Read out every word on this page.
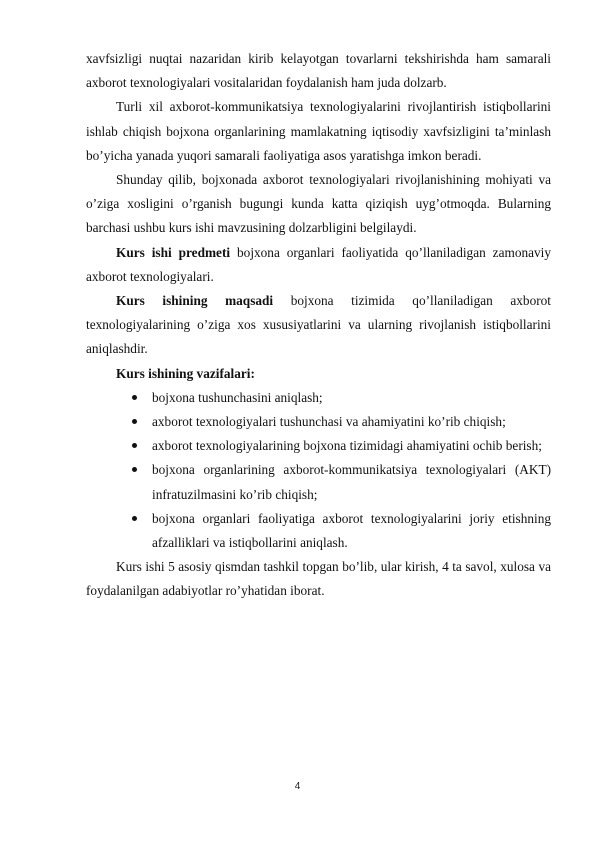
xavfsizligi nuqtai nazaridan kirib kelayotgan tovarlarni tekshirishda ham samarali axborot texnologiyalari vositalaridan foydalanish ham juda dolzarb.

Turli xil axborot-kommunikatsiya texnologiyalarini rivojlantirish istiqbollarini ishlab chiqish bojxona organlarining mamlakatning iqtisodiy xavfsizligini ta’minlash bo’yicha yanada yuqori samarali faoliyatiga asos yaratishga imkon beradi.

Shunday qilib, bojxonada axborot texnologiyalari rivojlanishining mohiyati va o’ziga xosligini o’rganish bugungi kunda katta qiziqish uyg’otmoqda. Bularning barchasi ushbu kurs ishi mavzusining dolzarbligini belgilaydi.

Kurs ishi predmeti bojxona organlari faoliyatida qo’llaniladigan zamonaviy axborot texnologiyalari.

Kurs ishining maqsadi bojxona tizimida qo’llaniladigan axborot texnologiyalarining o’ziga xos xususiyatlarini va ularning rivojlanish istiqbollarini aniqlashdir.

Kurs ishining vazifalari:

bojxona tushunchasini aniqlash;
axborot texnologiyalari tushunchasi va ahamiyatini ko’rib chiqish;
axborot texnologiyalarining bojxona tizimidagi ahamiyatini ochib berish;
bojxona organlarining axborot-kommunikatsiya texnologiyalari (AKT) infratuzilmasini ko’rib chiqish;
bojxona organlari faoliyatiga axborot texnologiyalarini joriy etishning afzalliklari va istiqbollarini aniqlash.

Kurs ishi 5 asosiy qismdan tashkil topgan bo’lib, ular kirish, 4 ta savol, xulosa va foydalanilgan adabiyotlar ro’yhatidan iborat.

4
